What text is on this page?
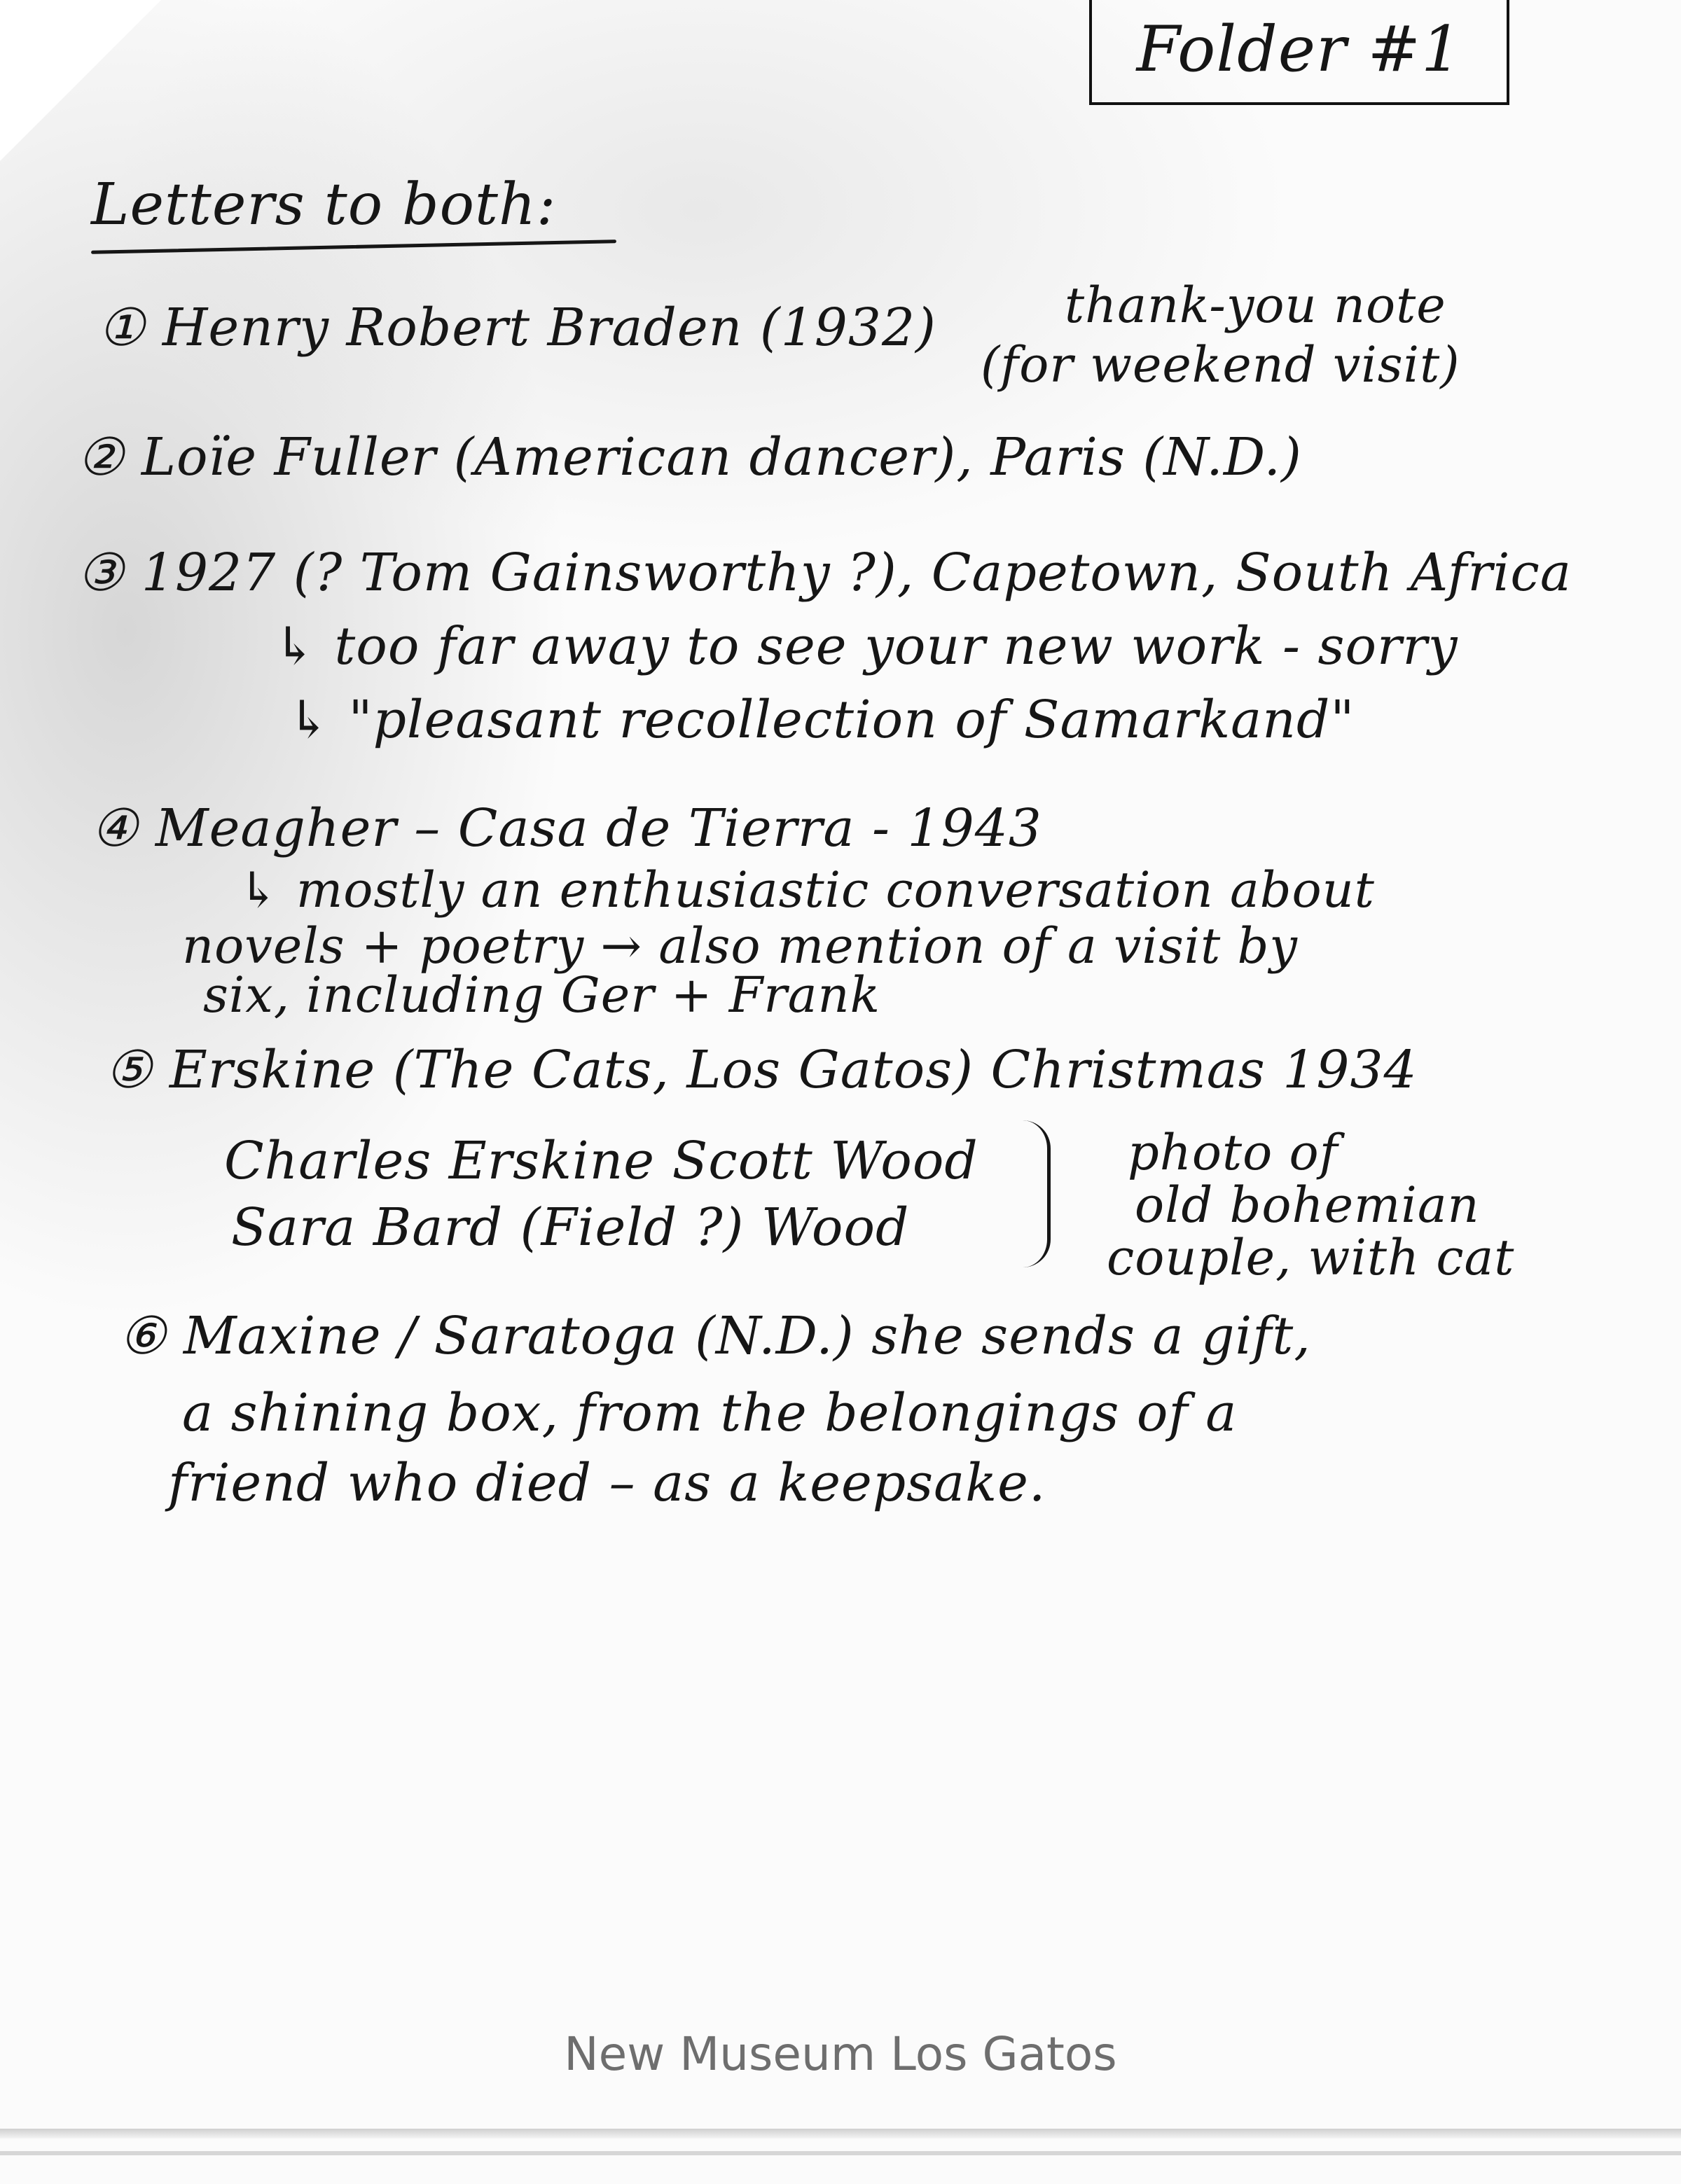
Folder #1
Letters to both:
① Henry Robert Braden (1932)	thank-you note
(for weekend visit)
② Loïe Fuller (American dancer), Paris (N.D.)
③ 1927 (? Tom Gainsworthy ?), Capetown, South Africa
↳ too far away to see your new work - sorry
↳ "pleasant recollection of Samarkand"
④ Meagher – Casa de Tierra - 1943
↳ mostly an enthusiastic conversation about
novels + poetry → also mention of a visit by
six, including Ger + Frank
⑤ Erskine (The Cats, Los Gatos) Christmas 1934
Charles Erskine Scott Wood
Sara Bard (Field ?) Wood
photo of
old bohemian
couple, with cat
⑥ Maxine / Saratoga (N.D.) she sends a gift,
a shining box, from the belongings of a
friend who died – as a keepsake.
New Museum Los Gatos
